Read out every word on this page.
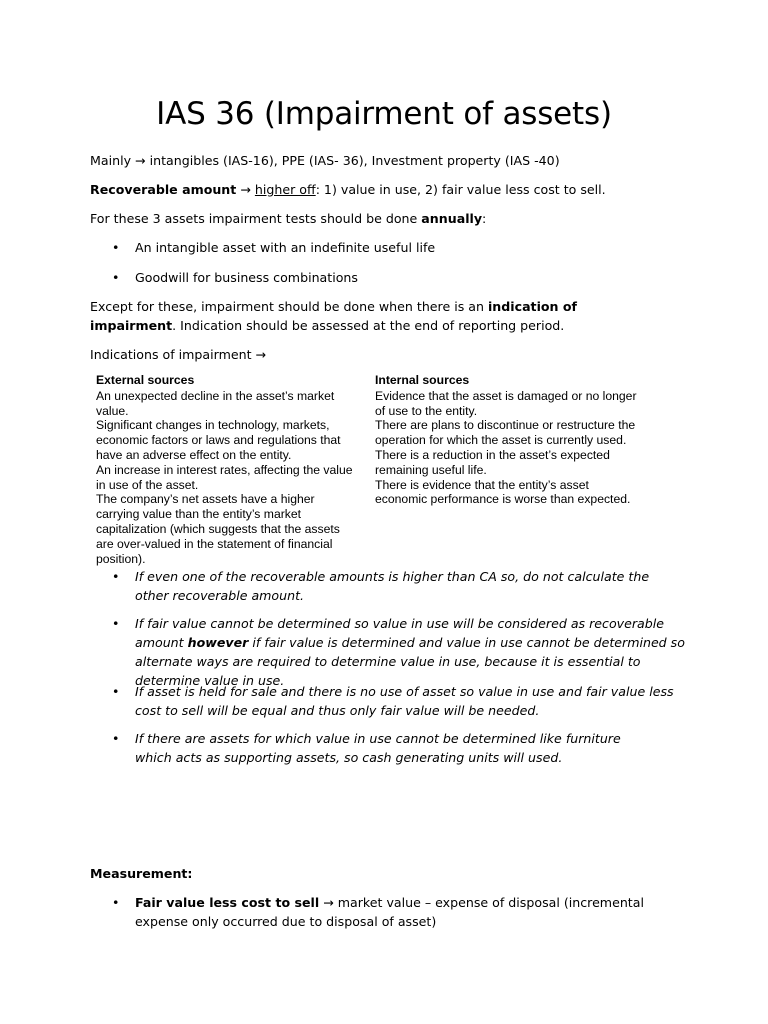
IAS 36 (Impairment of assets)

Mainly → intangibles (IAS-16), PPE (IAS- 36), Investment property (IAS -40)

Recoverable amount → higher off: 1) value in use, 2) fair value less cost to sell.

For these 3 assets impairment tests should be done annually:

• An intangible asset with an indefinite useful life
• Goodwill for business combinations

Except for these, impairment should be done when there is an indication of impairment. Indication should be assessed at the end of reporting period.

Indications of impairment →

External sources

An unexpected decline in the asset’s market value.

Significant changes in technology, markets, economic factors or laws and regulations that have an adverse effect on the entity.

An increase in interest rates, affecting the value in use of the asset.

The company’s net assets have a higher carrying value than the entity’s market capitalization (which suggests that the assets are over-valued in the statement of financial position).

Internal sources

Evidence that the asset is damaged or no longer of use to the entity.

There are plans to discontinue or restructure the operation for which the asset is currently used.

There is a reduction in the asset’s expected remaining useful life.

There is evidence that the entity’s asset economic performance is worse than expected.

• If even one of the recoverable amounts is higher than CA so, do not calculate the other recoverable amount.
• If fair value cannot be determined so value in use will be considered as recoverable amount however if fair value is determined and value in use cannot be determined so alternate ways are required to determine value in use, because it is essential to determine value in use.
• If asset is held for sale and there is no use of asset so value in use and fair value less cost to sell will be equal and thus only fair value will be needed.
• If there are assets for which value in use cannot be determined like furniture which acts as supporting assets, so cash generating units will used.

Measurement:

• Fair value less cost to sell → market value – expense of disposal (incremental expense only occurred due to disposal of asset)
